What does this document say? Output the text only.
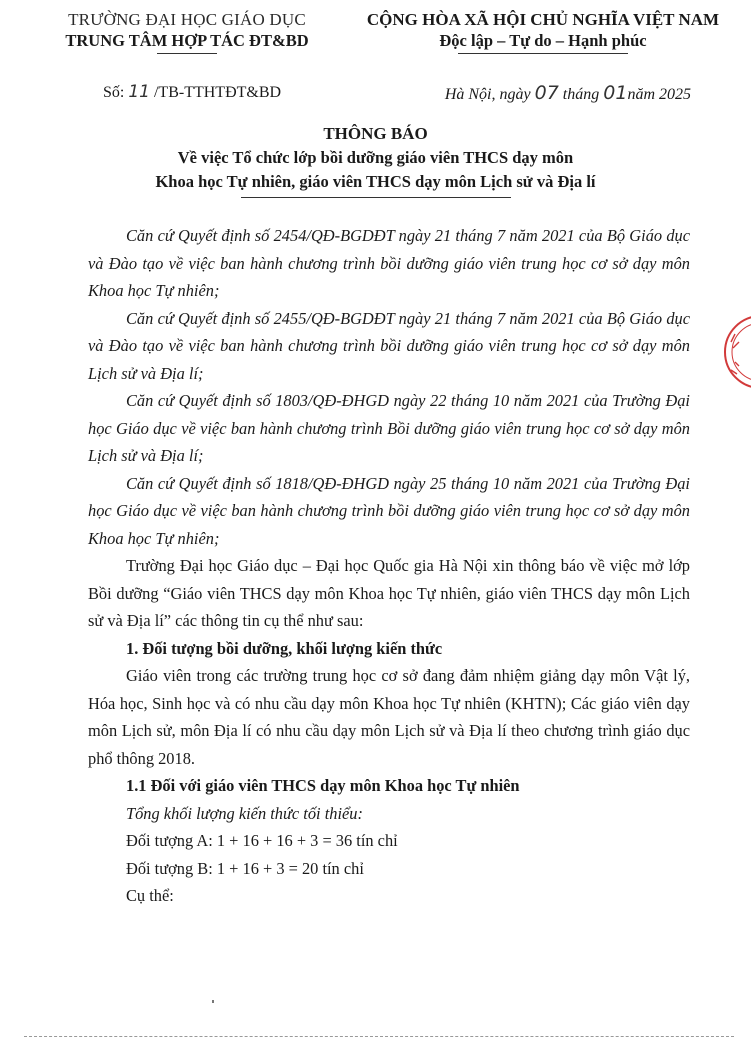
TRƯỜNG ĐẠI HỌC GIÁO DỤC
TRUNG TÂM HỢP TÁC ĐT&BD
CỘNG HÒA XÃ HỘI CHỦ NGHĨA VIỆT NAM
Độc lập – Tự do – Hạnh phúc
Số: 11 /TB-TTHTĐT&BD	Hà Nội, ngày 07 tháng 01năm 2025
THÔNG BÁO
Về việc Tổ chức lớp bồi dưỡng giáo viên THCS dạy môn
Khoa học Tự nhiên, giáo viên THCS dạy môn Lịch sử và Địa lí

Căn cứ Quyết định số 2454/QĐ-BGDĐT ngày 21 tháng 7 năm 2021 của Bộ Giáo dục và Đào tạo về việc ban hành chương trình bồi dưỡng giáo viên trung học cơ sở dạy môn Khoa học Tự nhiên;

Căn cứ Quyết định số 2455/QĐ-BGDĐT ngày 21 tháng 7 năm 2021 của Bộ Giáo dục và Đào tạo về việc ban hành chương trình bồi dưỡng giáo viên trung học cơ sở dạy môn Lịch sử và Địa lí;

Căn cứ Quyết định số 1803/QĐ-ĐHGD ngày 22 tháng 10 năm 2021 của Trường Đại học Giáo dục về việc ban hành chương trình Bồi dưỡng giáo viên trung học cơ sở dạy môn Lịch sử và Địa lí;

Căn cứ Quyết định số 1818/QĐ-ĐHGD ngày 25 tháng 10 năm 2021 của Trường Đại học Giáo dục về việc ban hành chương trình bồi dưỡng giáo viên trung học cơ sở dạy môn Khoa học Tự nhiên;

Trường Đại học Giáo dục – Đại học Quốc gia Hà Nội xin thông báo về việc mở lớp Bồi dưỡng “Giáo viên THCS dạy môn Khoa học Tự nhiên, giáo viên THCS dạy môn Lịch sử và Địa lí” các thông tin cụ thể như sau:

1. Đối tượng bồi dưỡng, khối lượng kiến thức

Giáo viên trong các trường trung học cơ sở đang đảm nhiệm giảng dạy môn Vật lý, Hóa học, Sinh học và có nhu cầu dạy môn Khoa học Tự nhiên (KHTN); Các giáo viên dạy môn Lịch sử, môn Địa lí có nhu cầu dạy môn Lịch sử và Địa lí theo chương trình giáo dục phổ thông 2018.

1.1 Đối với giáo viên THCS dạy môn Khoa học Tự nhiên

Tổng khối lượng kiến thức tối thiểu:

Đối tượng A: 1 + 16 + 16 + 3 = 36 tín chỉ

Đối tượng B: 1 + 16 + 3 = 20 tín chỉ

Cụ thể:
